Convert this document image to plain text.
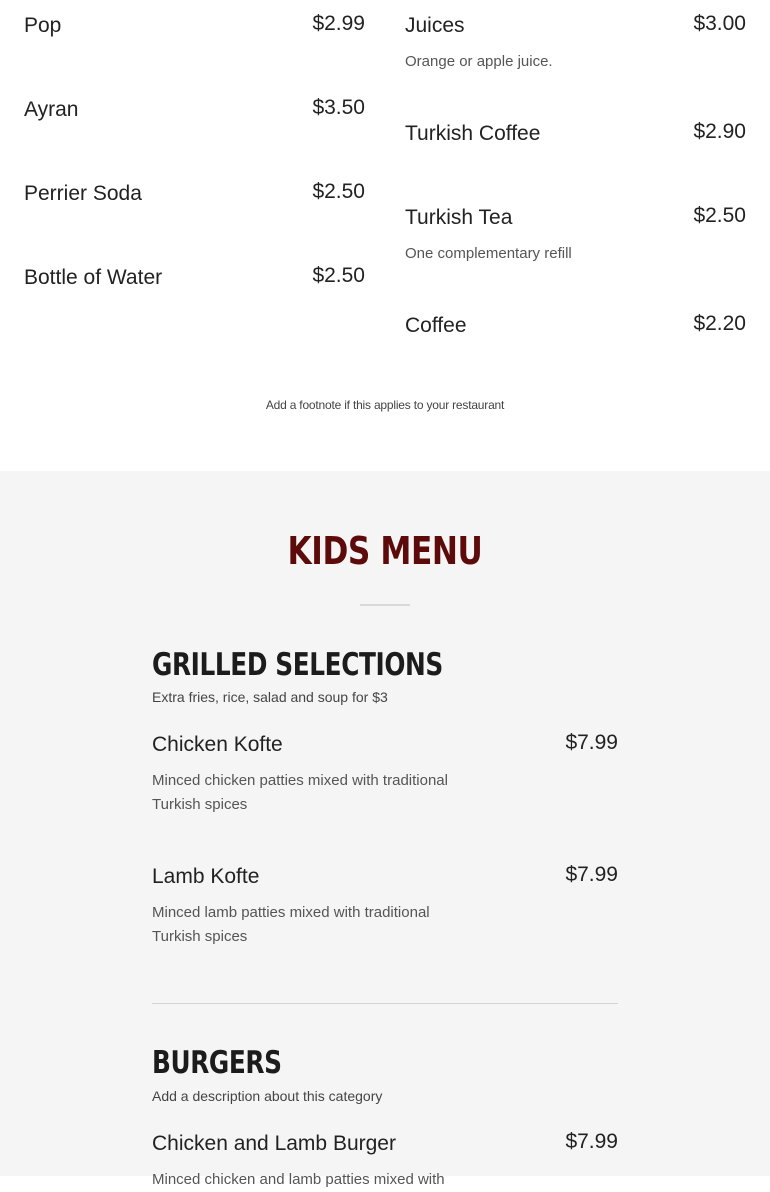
Pop	$2.99
Ayran	$3.50
Perrier Soda	$2.50
Bottle of Water	$2.50
Juices	$3.00
Orange or apple juice.
Turkish Coffee	$2.90
Turkish Tea	$2.50
One complementary refill
Coffee	$2.20
Add a footnote if this applies to your restaurant
KIDS MENU
GRILLED SELECTIONS
Extra fries, rice, salad and soup for $3
Chicken Kofte	$7.99
Minced chicken patties mixed with traditional Turkish spices
Lamb Kofte	$7.99
Minced lamb patties mixed with traditional Turkish spices
BURGERS
Add a description about this category
Chicken and Lamb Burger	$7.99
Minced chicken and lamb patties mixed with
